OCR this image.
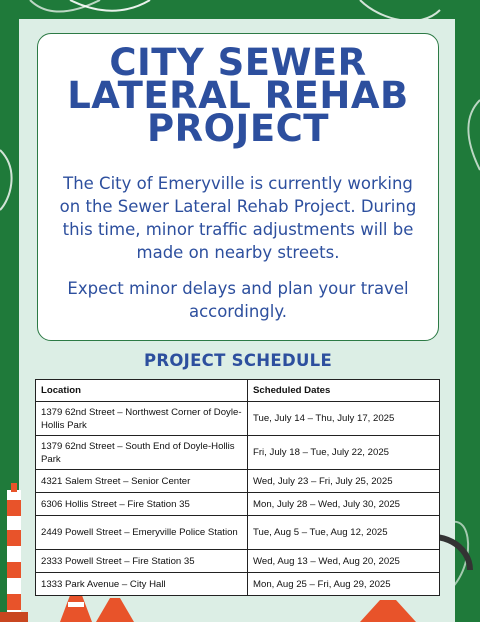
CITY SEWER
LATERAL REHAB
PROJECT
The City of Emeryville is currently working on the Sewer Lateral Rehab Project. During this time, minor traffic adjustments will be made on nearby streets.
Expect minor delays and plan your travel accordingly.
PROJECT SCHEDULE
Location	Scheduled Dates
1379 62nd Street – Northwest Corner of Doyle-Hollis Park	Tue, July 14 – Thu, July 17, 2025
1379 62nd Street – South End of Doyle-Hollis Park	Fri, July 18 – Tue, July 22, 2025
4321 Salem Street – Senior Center	Wed, July 23 – Fri, July 25, 2025
6306 Hollis Street – Fire Station 35	Mon, July 28 – Wed, July 30, 2025
2449 Powell Street – Emeryville Police Station	Tue, Aug 5 – Tue, Aug 12, 2025
2333 Powell Street – Fire Station 35	Wed, Aug 13 – Wed, Aug 20, 2025
1333 Park Avenue – City Hall	Mon, Aug 25 – Fri, Aug 29, 2025
